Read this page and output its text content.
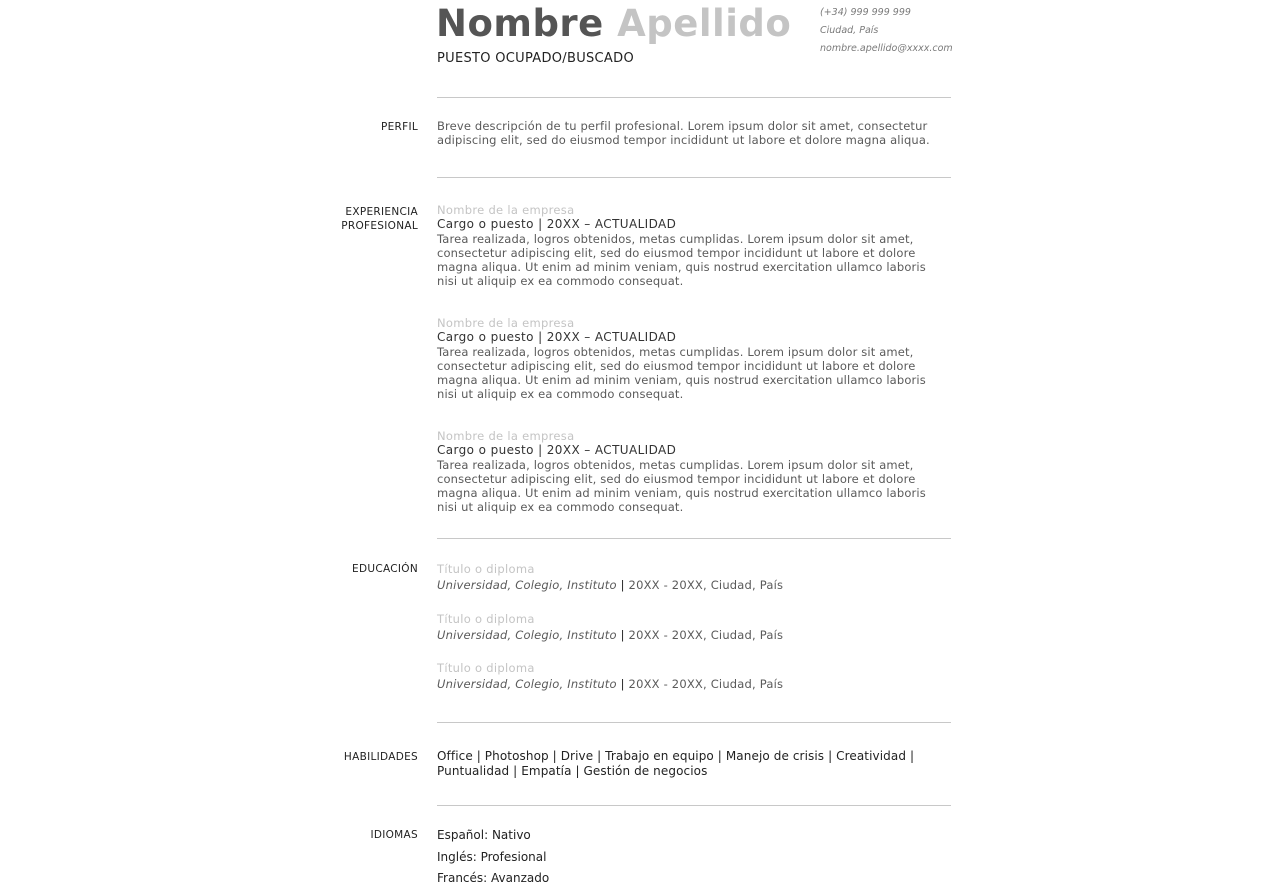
Nombre Apellido
PUESTO OCUPADO/BUSCADO
(+34) 999 999 999
Ciudad, País
nombre.apellido@xxxx.com
PERFIL Breve descripción de tu perfil profesional. Lorem ipsum dolor sit amet, consectetur
adipiscing elit, sed do eiusmod tempor incididunt ut labore et dolore magna aliqua.
EXPERIENCIA
PROFESIONAL
Nombre de la empresa
Cargo o puesto | 20XX – ACTUALIDAD
Tarea realizada, logros obtenidos, metas cumplidas. Lorem ipsum dolor sit amet,
consectetur adipiscing elit, sed do eiusmod tempor incididunt ut labore et dolore
magna aliqua. Ut enim ad minim veniam, quis nostrud exercitation ullamco laboris
nisi ut aliquip ex ea commodo consequat.
Nombre de la empresa
Cargo o puesto | 20XX – ACTUALIDAD
Tarea realizada, logros obtenidos, metas cumplidas. Lorem ipsum dolor sit amet,
consectetur adipiscing elit, sed do eiusmod tempor incididunt ut labore et dolore
magna aliqua. Ut enim ad minim veniam, quis nostrud exercitation ullamco laboris
nisi ut aliquip ex ea commodo consequat.
Nombre de la empresa
Cargo o puesto | 20XX – ACTUALIDAD
Tarea realizada, logros obtenidos, metas cumplidas. Lorem ipsum dolor sit amet,
consectetur adipiscing elit, sed do eiusmod tempor incididunt ut labore et dolore
magna aliqua. Ut enim ad minim veniam, quis nostrud exercitation ullamco laboris
nisi ut aliquip ex ea commodo consequat.
EDUCACIÓN Título o diploma
Universidad, Colegio, Instituto | 20XX - 20XX, Ciudad, País
Título o diploma
Universidad, Colegio, Instituto | 20XX - 20XX, Ciudad, País
Título o diploma
Universidad, Colegio, Instituto | 20XX - 20XX, Ciudad, País
HABILIDADES Office | Photoshop | Drive | Trabajo en equipo | Manejo de crisis | Creatividad |
Puntualidad | Empatía | Gestión de negocios
IDIOMAS Español: Nativo
Inglés: Profesional
Francés: Avanzado
